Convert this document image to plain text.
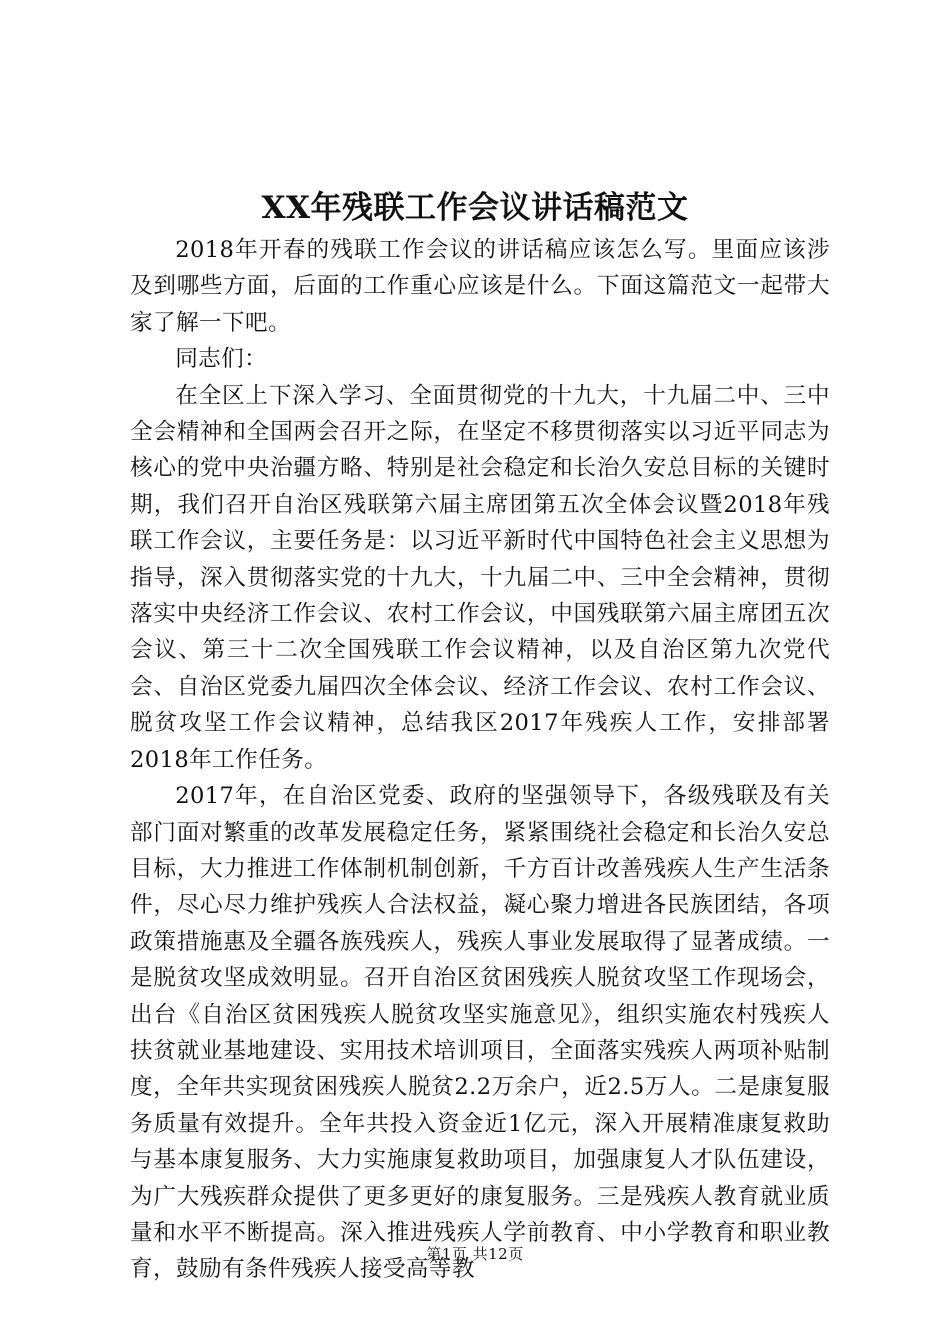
XX年残联工作会议讲话稿范文

2018年开春的残联工作会议的讲话稿应该怎么写。里面应该涉及到哪些方面，后面的工作重心应该是什么。下面这篇范文一起带大家了解一下吧。

同志们：

在全区上下深入学习、全面贯彻党的十九大，十九届二中、三中全会精神和全国两会召开之际，在坚定不移贯彻落实以习近平同志为核心的党中央治疆方略、特别是社会稳定和长治久安总目标的关键时期，我们召开自治区残联第六届主席团第五次全体会议暨2018年残联工作会议，主要任务是：以习近平新时代中国特色社会主义思想为指导，深入贯彻落实党的十九大，十九届二中、三中全会精神，贯彻落实中央经济工作会议、农村工作会议，中国残联第六届主席团五次会议、第三十二次全国残联工作会议精神，以及自治区第九次党代会、自治区党委九届四次全体会议、经济工作会议、农村工作会议、脱贫攻坚工作会议精神，总结我区2017年残疾人工作，安排部署2018年工作任务。

2017年，在自治区党委、政府的坚强领导下，各级残联及有关部门面对繁重的改革发展稳定任务，紧紧围绕社会稳定和长治久安总目标，大力推进工作体制机制创新，千方百计改善残疾人生产生活条件，尽心尽力维护残疾人合法权益，凝心聚力增进各民族团结，各项政策措施惠及全疆各族残疾人，残疾人事业发展取得了显著成绩。一是脱贫攻坚成效明显。召开自治区贫困残疾人脱贫攻坚工作现场会，出台《自治区贫困残疾人脱贫攻坚实施意见》，组织实施农村残疾人扶贫就业基地建设、实用技术培训项目，全面落实残疾人两项补贴制度，全年共实现贫困残疾人脱贫2.2万余户，近2.5万人。二是康复服务质量有效提升。全年共投入资金近1亿元，深入开展精准康复救助与基本康复服务、大力实施康复救助项目，加强康复人才队伍建设，为广大残疾群众提供了更多更好的康复服务。三是残疾人教育就业质量和水平不断提高。深入推进残疾人学前教育、中小学教育和职业教育，鼓励有条件残疾人接受高等教

第1页 共12页
